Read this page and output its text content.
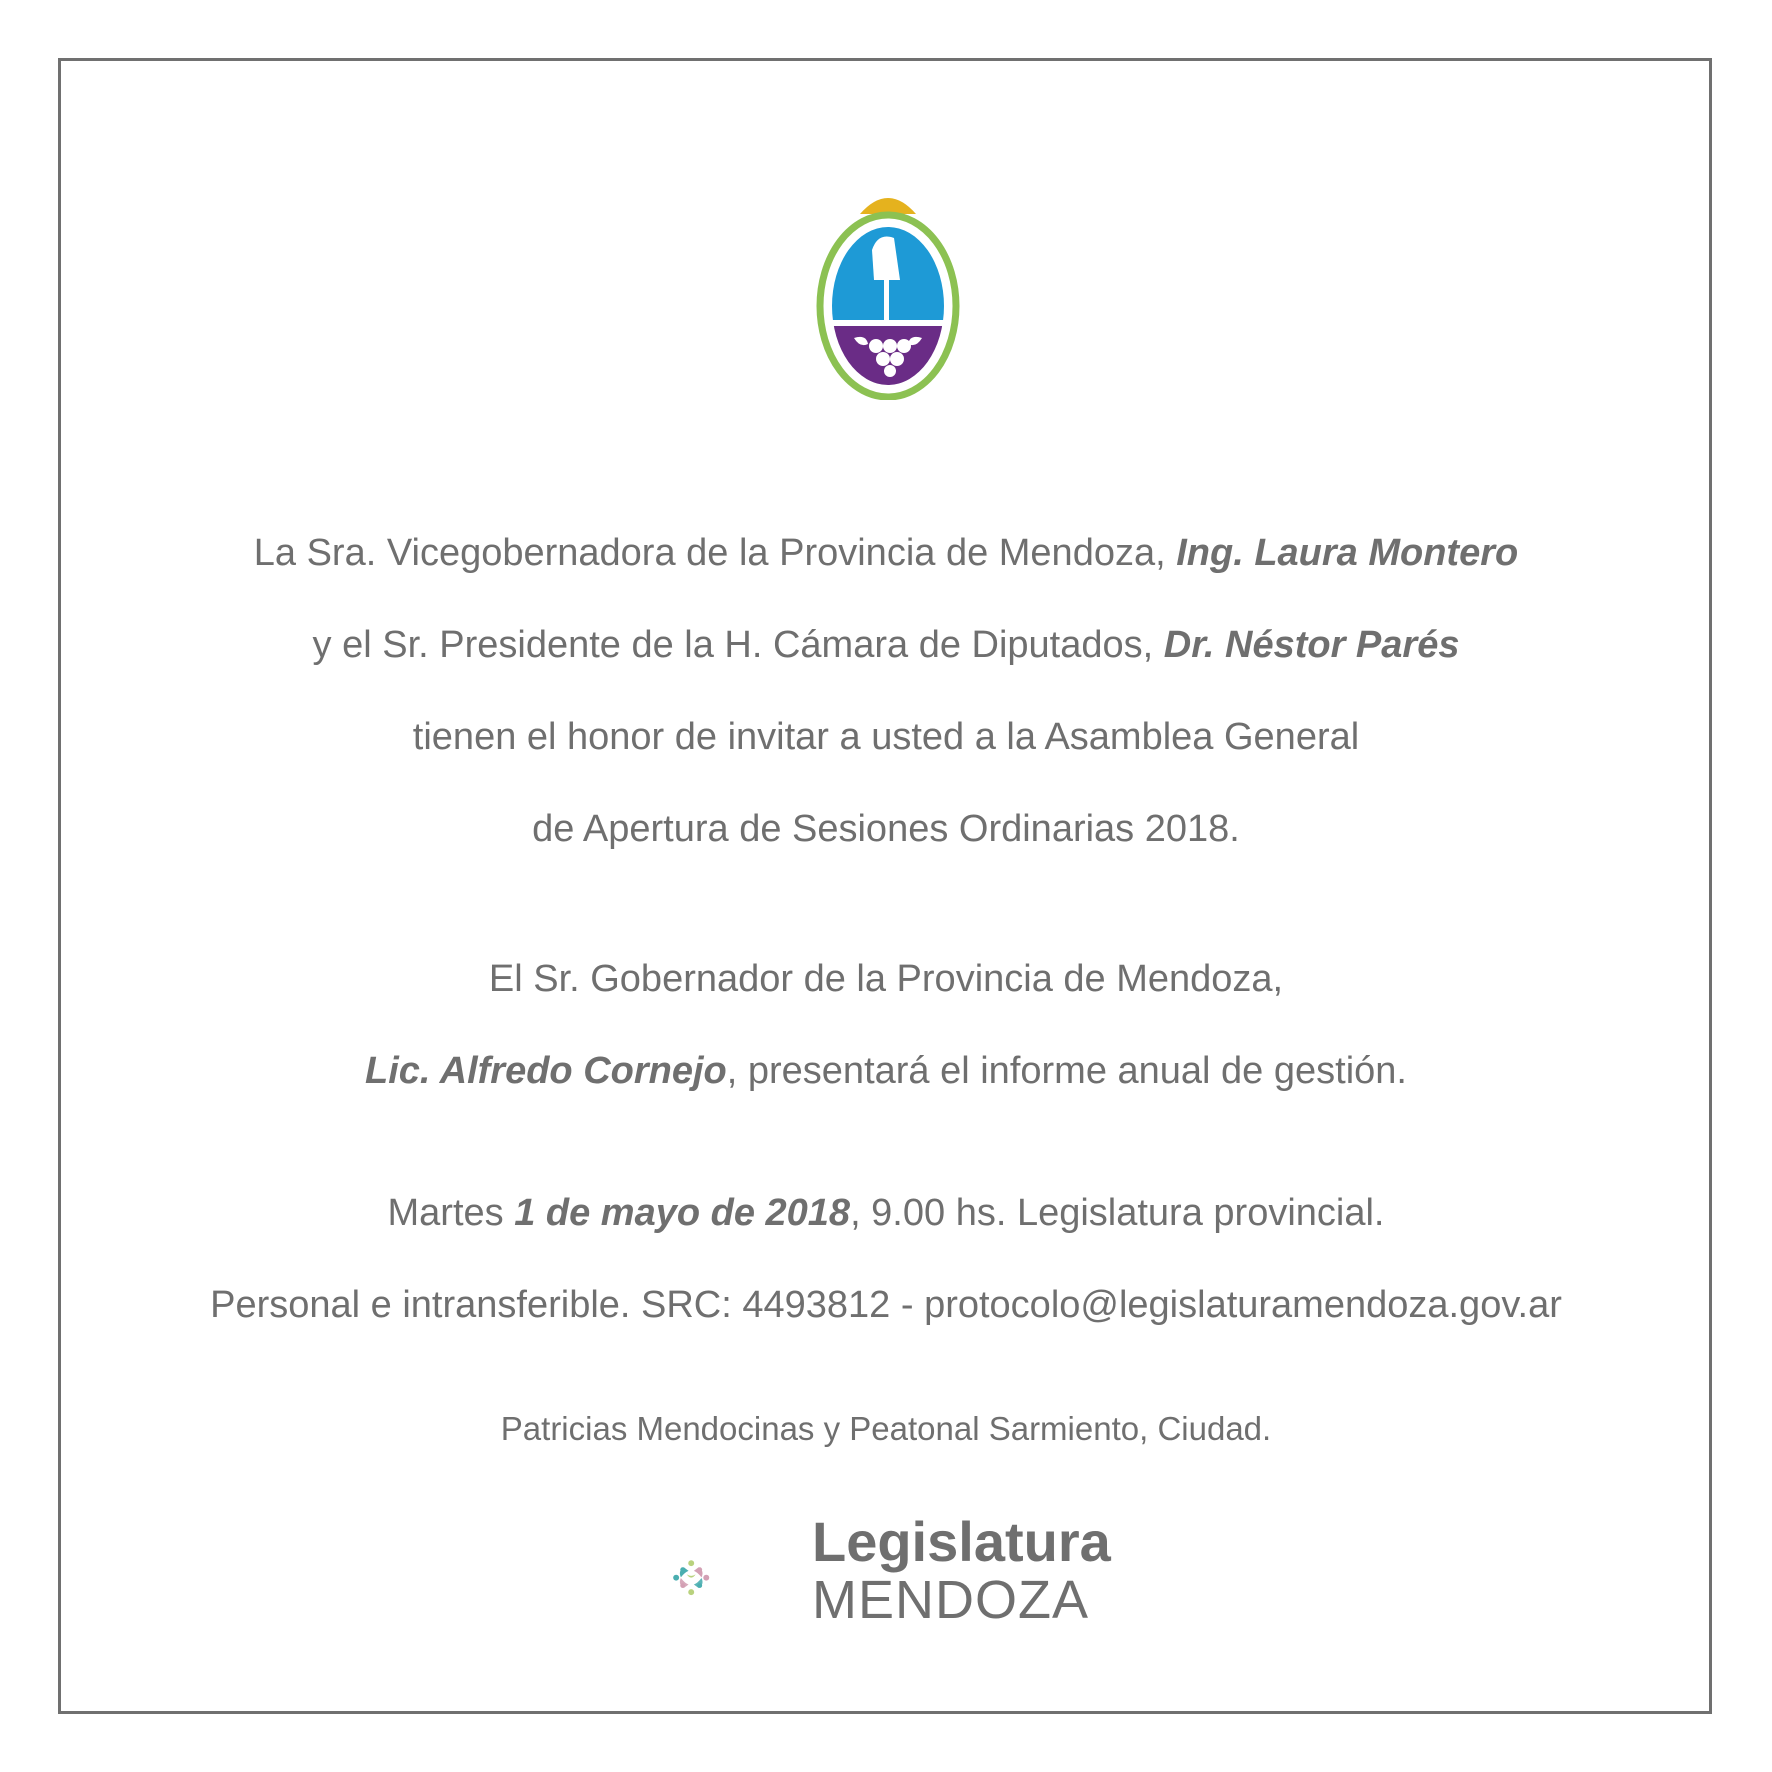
La Sra. Vicegobernadora de la Provincia de Mendoza, Ing. Laura Montero
y el Sr. Presidente de la H. Cámara de Diputados, Dr. Néstor Parés
tienen el honor de invitar a usted a la Asamblea General
de Apertura de Sesiones Ordinarias 2018.
El Sr. Gobernador de la Provincia de Mendoza,
Lic. Alfredo Cornejo, presentará el informe anual de gestión.
Martes 1 de mayo de 2018, 9.00 hs. Legislatura provincial.
Personal e intransferible. SRC: 4493812 - protocolo@legislaturamendoza.gov.ar
Patricias Mendocinas y Peatonal Sarmiento, Ciudad.
Legislatura
MENDOZA
